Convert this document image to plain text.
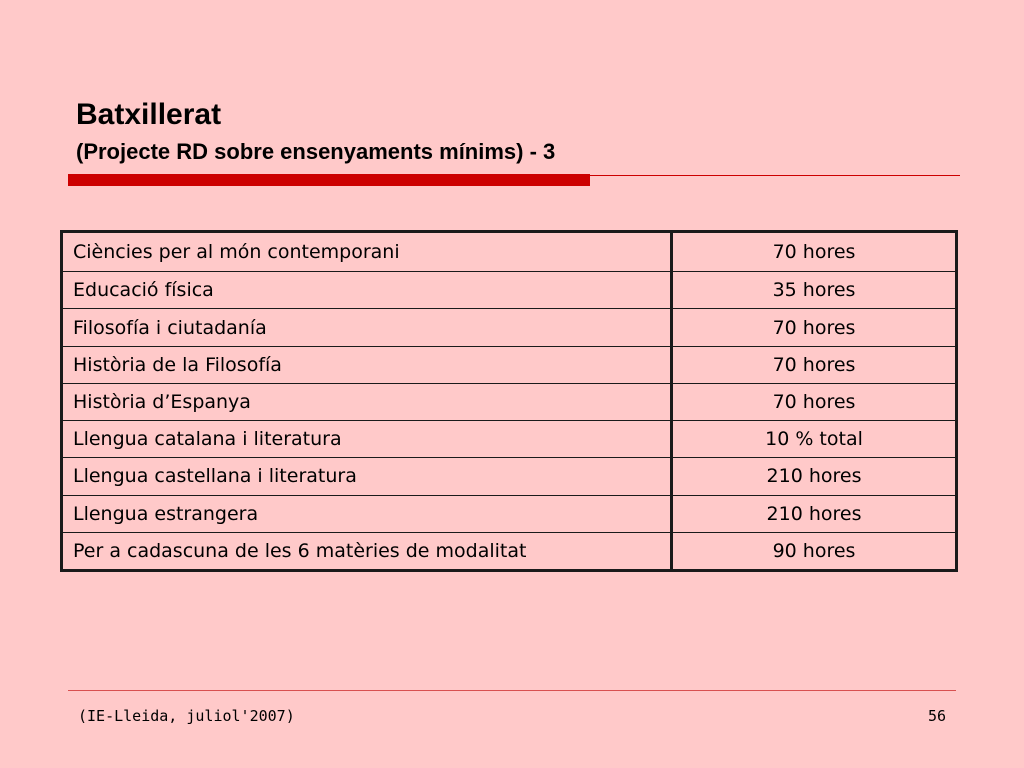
Batxillerat
(Projecte RD sobre ensenyaments mínims) - 3
Ciències per al món contemporani	70 hores
Educació física	35 hores
Filosofía i ciutadanía	70 hores
Història de la Filosofía	70 hores
Història d’Espanya	70 hores
Llengua catalana i literatura	10 % total
Llengua castellana i literatura	210 hores
Llengua estrangera	210 hores
Per a cadascuna de les 6 matèries de modalitat	90 hores
(IE-Lleida, juliol'2007)	56
